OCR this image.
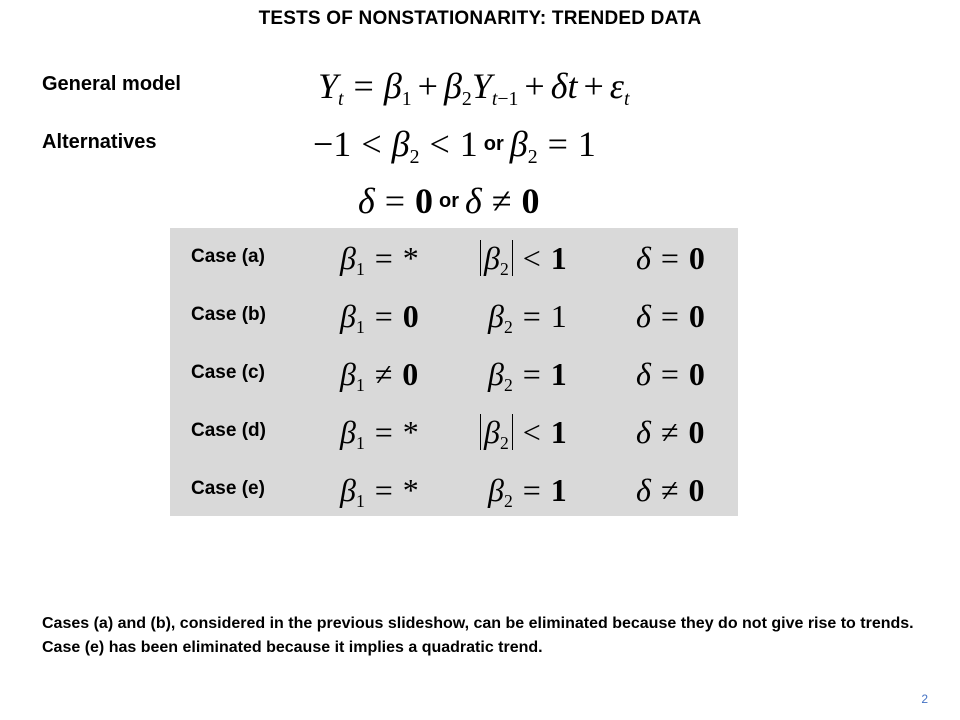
TESTS OF NONSTATIONARITY: TRENDED DATA
General model	$Y_t = \beta_1 + \beta_2Y_{t-1} + \delta t + \varepsilon_t$
Alternatives	$-1 < \beta_2 < 1$ or $\beta_2 = 1$
δ = 0 or δ ≠ 0
Case (a) $\beta_1$ = * $\beta_2 < 1$ δ = 0
Case (b) $\beta_1 = 0$ $\beta_2 = 1$ δ = 0
Case (c) $\beta_1 \ne 0$ $\beta_2 = 1$ δ = 0
Case (d) $\beta_1$ = * $\beta_2 < 1$ δ ≠ 0
Case (e) $\beta_1$ = * $\beta_2 = 1$ δ ≠ 0
Cases (a) and (b), considered in the previous slideshow, can be eliminated because they do not give rise to trends. Case (e) has been eliminated because it implies a quadratic trend.
2
